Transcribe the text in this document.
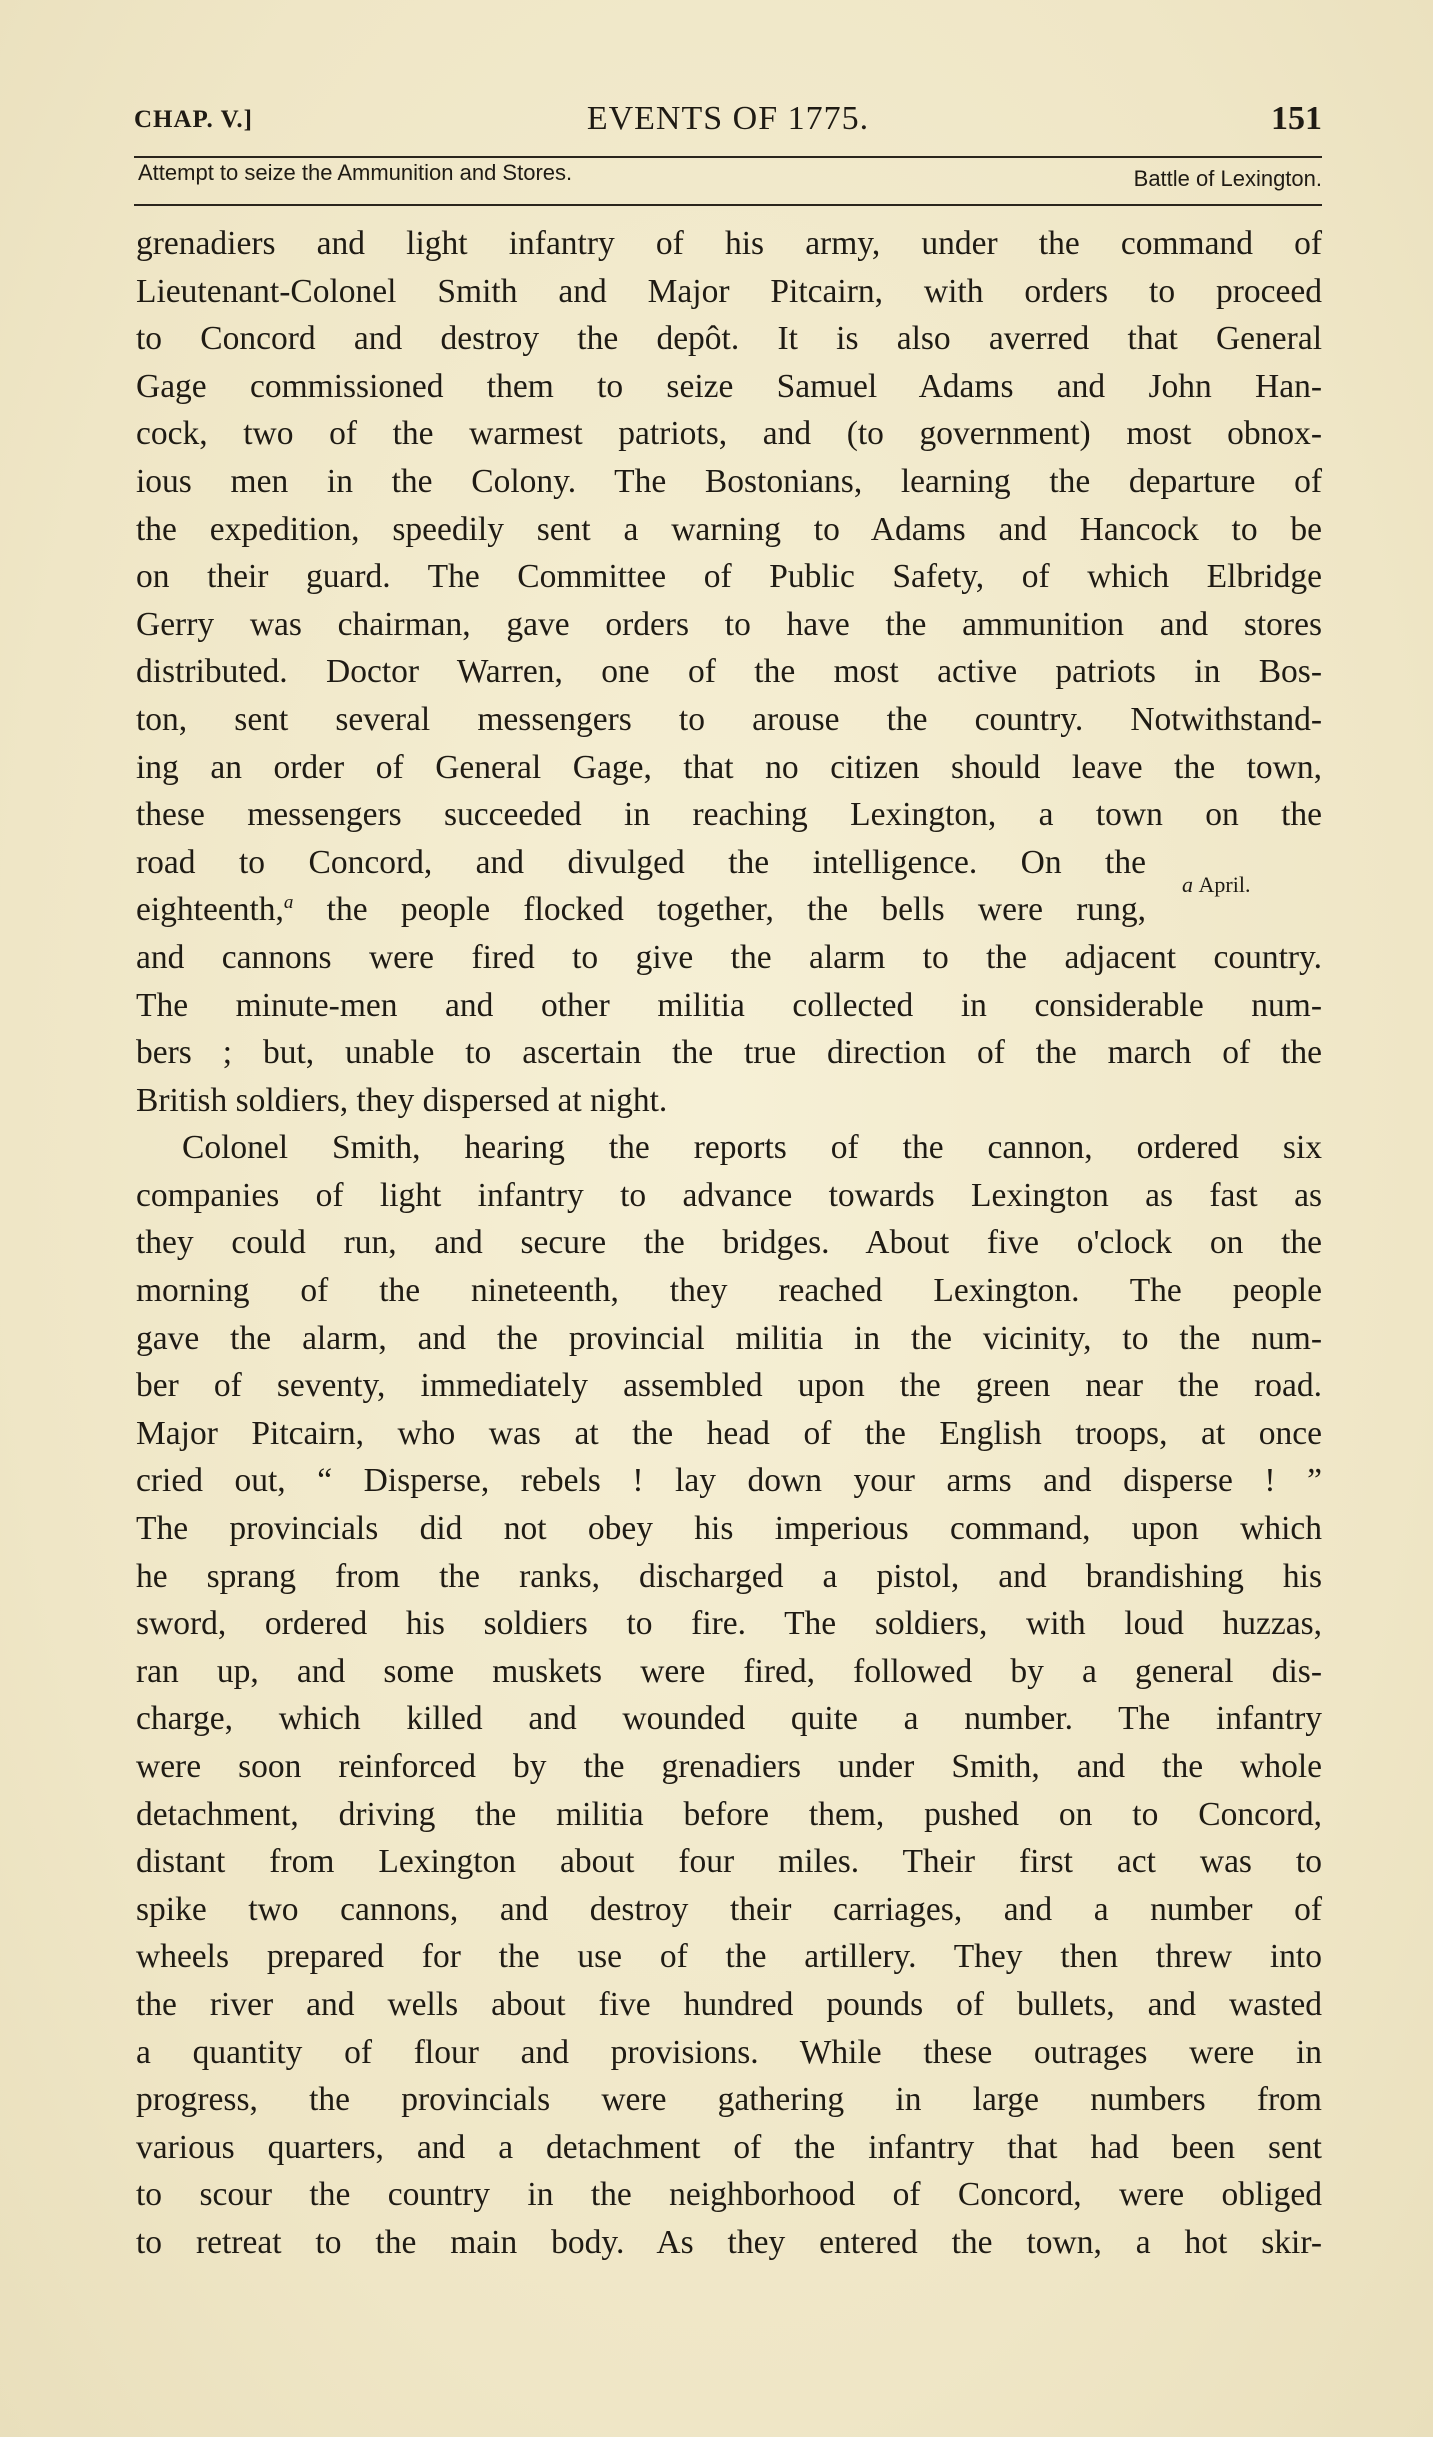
CHAP. V.]	EVENTS OF 1775.	151
Attempt to seize the Ammunition and Stores.	Battle of Lexington.
a April.
grenadiers and light infantry of his army, under the command of
Lieutenant-Colonel Smith and Major Pitcairn, with orders to proceed
to Concord and destroy the depôt. It is also averred that General
Gage commissioned them to seize Samuel Adams and John Han-
cock, two of the warmest patriots, and (to government) most obnox-
ious men in the Colony. The Bostonians, learning the departure of
the expedition, speedily sent a warning to Adams and Hancock to be
on their guard. The Committee of Public Safety, of which Elbridge
Gerry was chairman, gave orders to have the ammunition and stores
distributed. Doctor Warren, one of the most active patriots in Bos-
ton, sent several messengers to arouse the country. Notwithstand-
ing an order of General Gage, that no citizen should leave the town,
these messengers succeeded in reaching Lexington, a town on the
road to Concord, and divulged the intelligence. On the
eighteenth,$^a$ the people flocked together, the bells were rung,
and cannons were fired to give the alarm to the adjacent country.
The minute-men and other militia collected in considerable num-
bers ; but, unable to ascertain the true direction of the march of the
British soldiers, they dispersed at night.
Colonel Smith, hearing the reports of the cannon, ordered six
companies of light infantry to advance towards Lexington as fast as
they could run, and secure the bridges. About five o'clock on the
morning of the nineteenth, they reached Lexington. The people
gave the alarm, and the provincial militia in the vicinity, to the num-
ber of seventy, immediately assembled upon the green near the road.
Major Pitcairn, who was at the head of the English troops, at once
cried out, “ Disperse, rebels ! lay down your arms and disperse ! ”
The provincials did not obey his imperious command, upon which
he sprang from the ranks, discharged a pistol, and brandishing his
sword, ordered his soldiers to fire. The soldiers, with loud huzzas,
ran up, and some muskets were fired, followed by a general dis-
charge, which killed and wounded quite a number. The infantry
were soon reinforced by the grenadiers under Smith, and the whole
detachment, driving the militia before them, pushed on to Concord,
distant from Lexington about four miles. Their first act was to
spike two cannons, and destroy their carriages, and a number of
wheels prepared for the use of the artillery. They then threw into
the river and wells about five hundred pounds of bullets, and wasted
a quantity of flour and provisions. While these outrages were in
progress, the provincials were gathering in large numbers from
various quarters, and a detachment of the infantry that had been sent
to scour the country in the neighborhood of Concord, were obliged
to retreat to the main body. As they entered the town, a hot skir-
